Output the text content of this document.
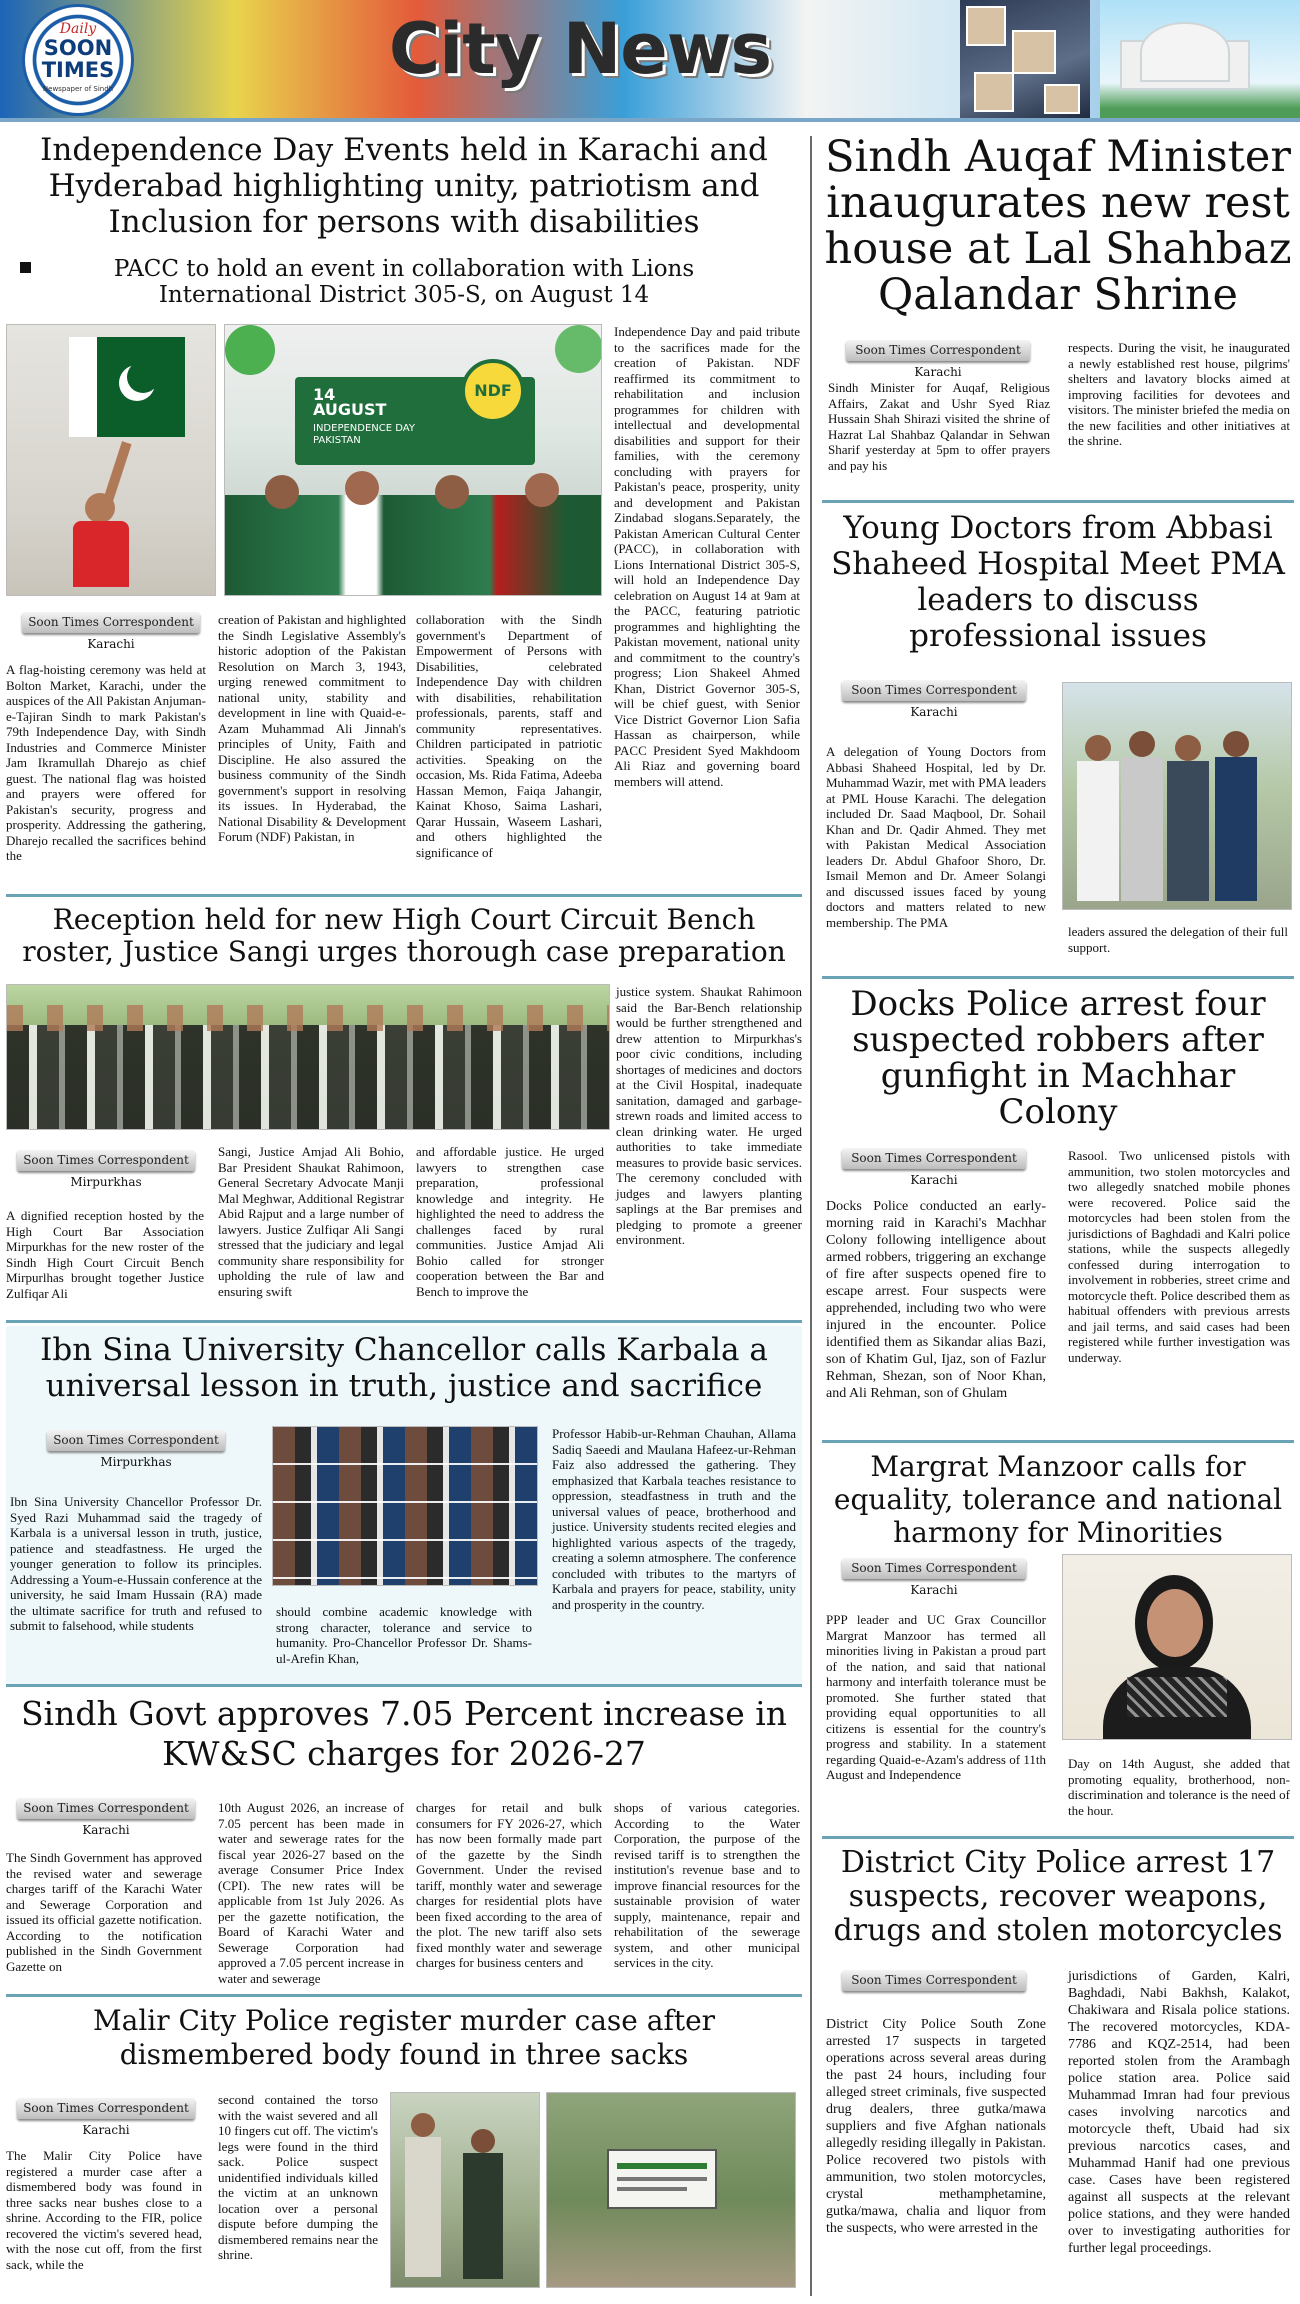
Daily
SOON
TIMES
Newspaper of Sindh	City News
Independence Day Events held in Karachi and Hyderabad highlighting unity, patriotism and Inclusion for persons with disabilities
PACC to hold an event in collaboration with Lions International District 305-S, on August 14
14 AUGUST
INDEPENDENCE DAY PAKISTAN
NDF
Soon Times Correspondent
Karachi

A flag-hoisting ceremony was held at Bolton Market, Karachi, under the auspices of the All Pakistan Anjuman-e-Tajiran Sindh to mark Pakistan's 79th Independence Day, with Sindh Industries and Commerce Minister Jam Ikramullah Dharejo as chief guest. The national flag was hoisted and prayers were offered for Pakistan's security, progress and prosperity. Addressing the gathering, Dharejo recalled the sacrifices behind the

creation of Pakistan and highlighted the Sindh Legislative Assembly's historic adoption of the Pakistan Resolution on March 3, 1943, urging renewed commitment to national unity, stability and development in line with Quaid-e-Azam Muhammad Ali Jinnah's principles of Unity, Faith and Discipline. He also assured the business community of the Sindh government's support in resolving its issues. In Hyderabad, the National Disability & Development Forum (NDF) Pakistan, in

collaboration with the Sindh government's Department of Empowerment of Persons with Disabilities, celebrated Independence Day with children with disabilities, rehabilitation professionals, parents, staff and community representatives. Children participated in patriotic activities. Speaking on the occasion, Ms. Rida Fatima, Adeeba Hassan Memon, Faiqa Jahangir, Kainat Khoso, Saima Lashari, Qarar Hussain, Waseem Lashari, and others highlighted the significance of

Independence Day and paid tribute to the sacrifices made for the creation of Pakistan. NDF reaffirmed its commitment to rehabilitation and inclusion programmes for children with intellectual and developmental disabilities and support for their families, with the ceremony concluding with prayers for Pakistan's peace, prosperity, unity and development and Pakistan Zindabad slogans.Separately, the Pakistan American Cultural Center (PACC), in collaboration with Lions International District 305-S, will hold an Independence Day celebration on August 14 at 9am at the PACC, featuring patriotic programmes and highlighting the Pakistan movement, national unity and commitment to the country's progress; Lion Shakeel Ahmed Khan, District Governor 305-S, will be chief guest, with Senior Vice District Governor Lion Safia Hassan as chairperson, while PACC President Syed Makhdoom Ali Riaz and governing board members will attend.

Reception held for new High Court Circuit Bench roster, Justice Sangi urges thorough case preparation
Soon Times Correspondent
Mirpurkhas

A dignified reception hosted by the High Court Bar Association Mirpurkhas for the new roster of the Sindh High Court Circuit Bench Mirpurlhas brought together Justice Zulfiqar Ali

Sangi, Justice Amjad Ali Bohio, Bar President Shaukat Rahimoon, General Secretary Advocate Manji Mal Meghwar, Additional Registrar Abid Rajput and a large number of lawyers. Justice Zulfiqar Ali Sangi stressed that the judiciary and legal community share responsibility for upholding the rule of law and ensuring swift

and affordable justice. He urged lawyers to strengthen case preparation, professional knowledge and integrity. He highlighted the need to address the challenges faced by rural communities. Justice Amjad Ali Bohio called for stronger cooperation between the Bar and Bench to improve the

justice system. Shaukat Rahimoon said the Bar-Bench relationship would be further strengthened and drew attention to Mirpurkhas's poor civic conditions, including shortages of medicines and doctors at the Civil Hospital, inadequate sanitation, damaged and garbage-strewn roads and limited access to clean drinking water. He urged authorities to take immediate measures to provide basic services. The ceremony concluded with judges and lawyers planting saplings at the Bar premises and pledging to promote a greener environment.

Ibn Sina University Chancellor calls Karbala a universal lesson in truth, justice and sacrifice
Soon Times Correspondent
Mirpurkhas

Ibn Sina University Chancellor Professor Dr. Syed Razi Muhammad said the tragedy of Karbala is a universal lesson in truth, justice, patience and steadfastness. He urged the younger generation to follow its principles. Addressing a Youm-e-Hussain conference at the university, he said Imam Hussain (RA) made the ultimate sacrifice for truth and refused to submit to falsehood, while students

should combine academic knowledge with strong character, tolerance and service to humanity. Pro-Chancellor Professor Dr. Shams-ul-Arefin Khan,

Professor Habib-ur-Rehman Chauhan, Allama Sadiq Saeedi and Maulana Hafeez-ur-Rehman Faiz also addressed the gathering. They emphasized that Karbala teaches resistance to oppression, steadfastness in truth and the universal values of peace, brotherhood and justice. University students recited elegies and highlighted various aspects of the tragedy, creating a solemn atmosphere. The conference concluded with tributes to the martyrs of Karbala and prayers for peace, stability, unity and prosperity in the country.

Sindh Govt approves 7.05 Percent increase in KW&SC charges for 2026-27
Soon Times Correspondent
Karachi

The Sindh Government has approved the revised water and sewerage charges tariff of the Karachi Water and Sewerage Corporation and issued its official gazette notification. According to the notification published in the Sindh Government Gazette on

10th August 2026, an increase of 7.05 percent has been made in water and sewerage rates for the fiscal year 2026-27 based on the average Consumer Price Index (CPI). The new rates will be applicable from 1st July 2026. As per the gazette notification, the Board of Karachi Water and Sewerage Corporation had approved a 7.05 percent increase in water and sewerage

charges for retail and bulk consumers for FY 2026-27, which has now been formally made part of the gazette by the Sindh Government. Under the revised tariff, monthly water and sewerage charges for residential plots have been fixed according to the area of the plot. The new tariff also sets fixed monthly water and sewerage charges for business centers and

shops of various categories. According to the Water Corporation, the purpose of the revised tariff is to strengthen the institution's revenue base and to improve financial resources for the sustainable provision of water supply, maintenance, repair and rehabilitation of the sewerage system, and other municipal services in the city.

Malir City Police register murder case after dismembered body found in three sacks
Soon Times Correspondent
Karachi

The Malir City Police have registered a murder case after a dismembered body was found in three sacks near bushes close to a shrine. According to the FIR, police recovered the victim's severed head, with the nose cut off, from the first sack, while the

second contained the torso with the waist severed and all 10 fingers cut off. The victim's legs were found in the third sack. Police suspect unidentified individuals killed the victim at an unknown location over a personal dispute before dumping the dismembered remains near the shrine.

Sindh Auqaf Minister inaugurates new rest house at Lal Shahbaz Qalandar Shrine
Soon Times Correspondent
Karachi

Sindh Minister for Auqaf, Religious Affairs, Zakat and Ushr Syed Riaz Hussain Shah Shirazi visited the shrine of Hazrat Lal Shahbaz Qalandar in Sehwan Sharif yesterday at 5pm to offer prayers and pay his

respects. During the visit, he inaugurated a newly established rest house, pilgrims' shelters and lavatory blocks aimed at improving facilities for devotees and visitors. The minister briefed the media on the new facilities and other initiatives at the shrine.

Young Doctors from Abbasi Shaheed Hospital Meet PMA leaders to discuss professional issues
Soon Times Correspondent
Karachi

A delegation of Young Doctors from Abbasi Shaheed Hospital, led by Dr. Muhammad Wazir, met with PMA leaders at PML House Karachi. The delegation included Dr. Saad Maqbool, Dr. Sohail Khan and Dr. Qadir Ahmed. They met with Pakistan Medical Association leaders Dr. Abdul Ghafoor Shoro, Dr. Ismail Memon and Dr. Ameer Solangi and discussed issues faced by young doctors and matters related to new membership. The PMA

leaders assured the delegation of their full support.

Docks Police arrest four suspected robbers after gunfight in Machhar Colony
Soon Times Correspondent
Karachi

Docks Police conducted an early-morning raid in Karachi's Machhar Colony following intelligence about armed robbers, triggering an exchange of fire after suspects opened fire to escape arrest. Four suspects were apprehended, including two who were injured in the encounter. Police identified them as Sikandar alias Bazi, son of Khatim Gul, Ijaz, son of Fazlur Rehman, Shezan, son of Noor Khan, and Ali Rehman, son of Ghulam

Rasool. Two unlicensed pistols with ammunition, two stolen motorcycles and two allegedly snatched mobile phones were recovered. Police said the motorcycles had been stolen from the jurisdictions of Baghdadi and Kalri police stations, while the suspects allegedly confessed during interrogation to involvement in robberies, street crime and motorcycle theft. Police described them as habitual offenders with previous arrests and jail terms, and said cases had been registered while further investigation was underway.

Margrat Manzoor calls for equality, tolerance and national harmony for Minorities
Soon Times Correspondent
Karachi

PPP leader and UC Grax Councillor Margrat Manzoor has termed all minorities living in Pakistan a proud part of the nation, and said that national harmony and interfaith tolerance must be promoted. She further stated that providing equal opportunities to all citizens is essential for the country's progress and stability. In a statement regarding Quaid-e-Azam's address of 11th August and Independence

Day on 14th August, she added that promoting equality, brotherhood, non-discrimination and tolerance is the need of the hour.

District City Police arrest 17 suspects, recover weapons, drugs and stolen motorcycles
Soon Times Correspondent

District City Police South Zone arrested 17 suspects in targeted operations across several areas during the past 24 hours, including four alleged street criminals, five suspected drug dealers, three gutka/mawa suppliers and five Afghan nationals allegedly residing illegally in Pakistan. Police recovered two pistols with ammunition, two stolen motorcycles, crystal methamphetamine, gutka/mawa, chalia and liquor from the suspects, who were arrested in the

jurisdictions of Garden, Kalri, Baghdadi, Nabi Bakhsh, Kalakot, Chakiwara and Risala police stations. The recovered motorcycles, KDA-7786 and KQZ-2514, had been reported stolen from the Arambagh police station area. Police said Muhammad Imran had four previous cases involving narcotics and motorcycle theft, Ubaid had six previous narcotics cases, and Muhammad Hanif had one previous case. Cases have been registered against all suspects at the relevant police stations, and they were handed over to investigating authorities for further legal proceedings.
